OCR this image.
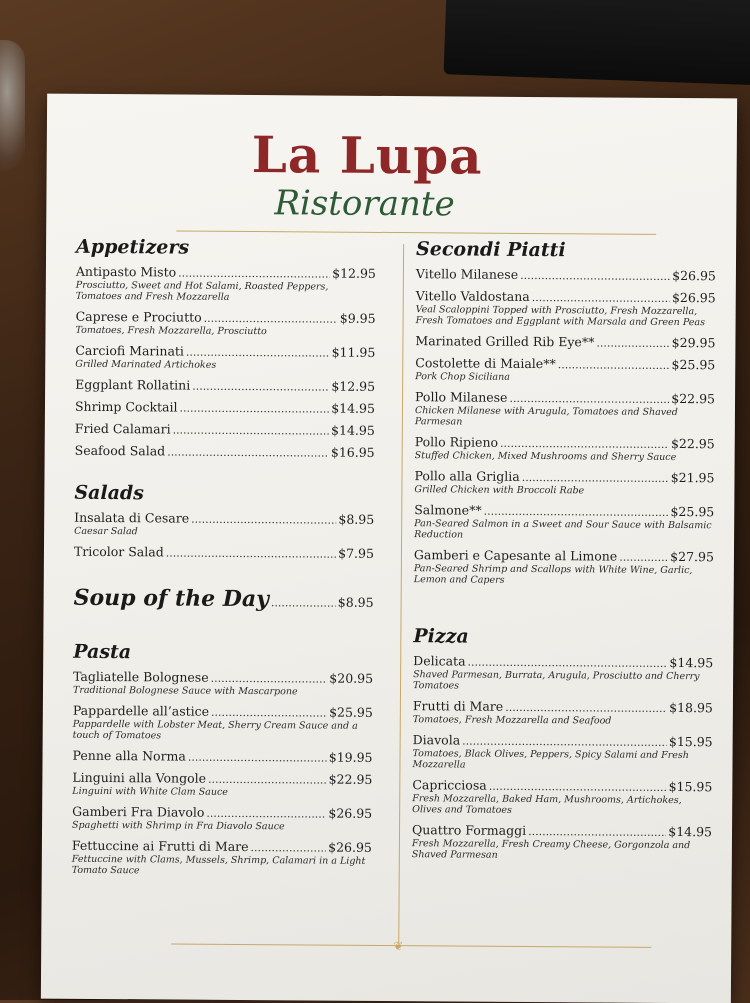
La Lupa
Ristorante
❦
Appetizers
Antipasto Misto .....	$12.95
Prosciutto, Sweet and Hot Salami, Roasted Peppers, Tomatoes and Fresh Mozzarella
Caprese e Prociutto .....	$9.95
Tomatoes, Fresh Mozzarella, Prosciutto
Carciofi Marinati .....	$11.95
Grilled Marinated Artichokes
Eggplant Rollatini .....	$12.95
Shrimp Cocktail .....	$14.95
Fried Calamari .....	$14.95
Seafood Salad .....	$16.95
Salads
Insalata di Cesare .....	$8.95
Caesar Salad
Tricolor Salad .....	$7.95
Soup of the Day .....	$8.95
Pasta
Tagliatelle Bolognese .....	$20.95
Traditional Bolognese Sauce with Mascarpone
Pappardelle all’astice .....	$25.95
Pappardelle with Lobster Meat, Sherry Cream Sauce and a touch of Tomatoes
Penne alla Norma .....	$19.95
Linguini alla Vongole .....	$22.95
Linguini with White Clam Sauce
Gamberi Fra Diavolo .....	$26.95
Spaghetti with Shrimp in Fra Diavolo Sauce
Fettuccine ai Frutti di Mare .....	$26.95
Fettuccine with Clams, Mussels, Shrimp, Calamari in a Light Tomato Sauce
Secondi Piatti
Vitello Milanese .....	$26.95
Vitello Valdostana .....	$26.95
Veal Scaloppini Topped with Prosciutto, Fresh Mozzarella, Fresh Tomatoes and Eggplant with Marsala and Green Peas
Marinated Grilled Rib Eye** .....	$29.95
Costolette di Maiale** .....	$25.95
Pork Chop Siciliana
Pollo Milanese .....	$22.95
Chicken Milanese with Arugula, Tomatoes and Shaved Parmesan
Pollo Ripieno .....	$22.95
Stuffed Chicken, Mixed Mushrooms and Sherry Sauce
Pollo alla Griglia .....	$21.95
Grilled Chicken with Broccoli Rabe
Salmone** .....	$25.95
Pan-Seared Salmon in a Sweet and Sour Sauce with Balsamic Reduction
Gamberi e Capesante al Limone .....	$27.95
Pan-Seared Shrimp and Scallops with White Wine, Garlic, Lemon and Capers
Pizza
Delicata .....	$14.95
Shaved Parmesan, Burrata, Arugula, Prosciutto and Cherry Tomatoes
Frutti di Mare .....	$18.95
Tomatoes, Fresh Mozzarella and Seafood
Diavola .....	$15.95
Tomatoes, Black Olives, Peppers, Spicy Salami and Fresh Mozzarella
Capricciosa .....	$15.95
Fresh Mozzarella, Baked Ham, Mushrooms, Artichokes, Olives and Tomatoes
Quattro Formaggi .....	$14.95
Fresh Mozzarella, Fresh Creamy Cheese, Gorgonzola and Shaved Parmesan
